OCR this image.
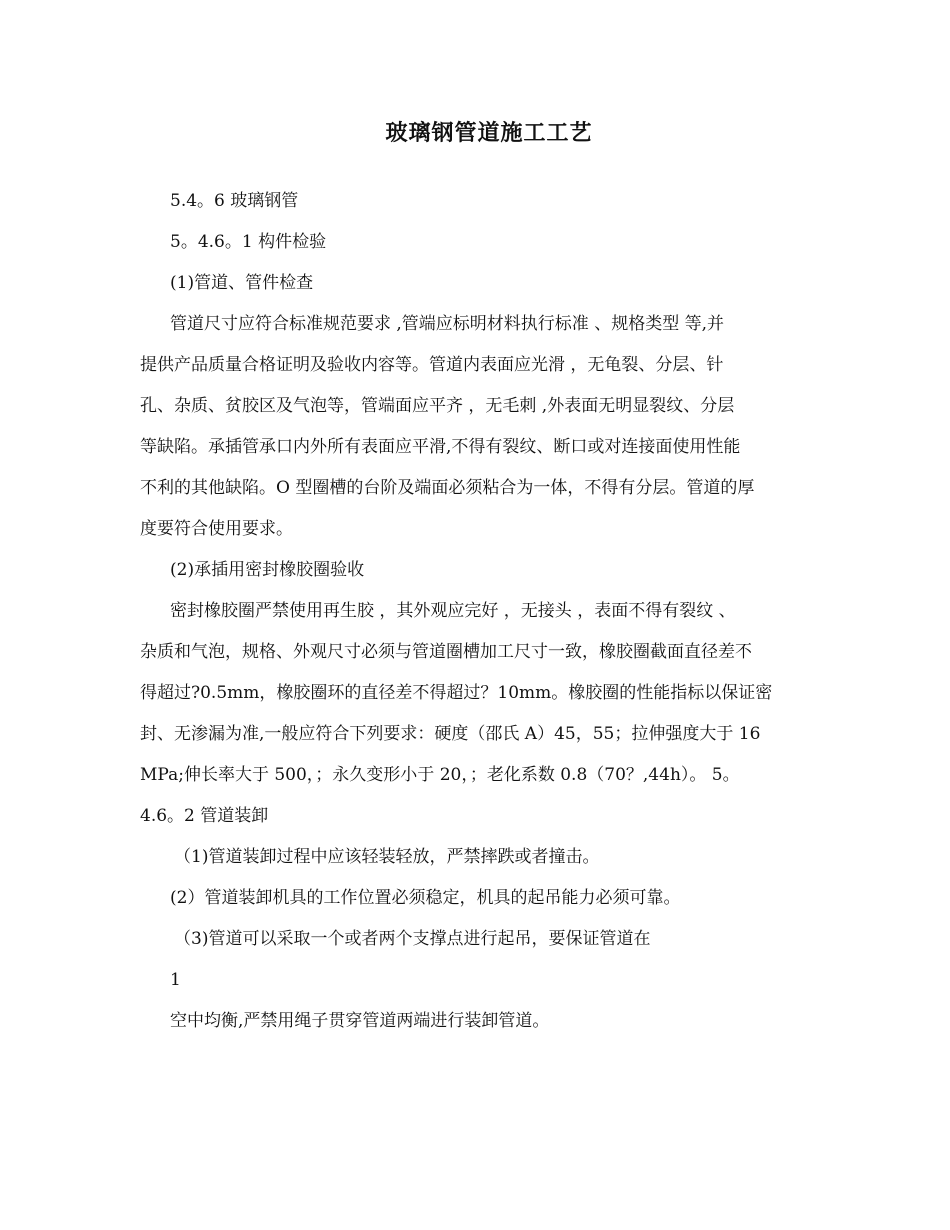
玻璃钢管道施工工艺
5.4。6 玻璃钢管
5。4.6。1 构件检验
(1)管道、管件检查
管道尺寸应符合标准规范要求 ,管端应标明材料执行标准 、规格类型 等,并
提供产品质量合格证明及验收内容等。管道内表面应光滑 ，无龟裂、分层、针
孔、杂质、贫胶区及气泡等，管端面应平齐 ，无毛刺 ,外表面无明显裂纹、分层
等缺陷。承插管承口内外所有表面应平滑,不得有裂纹、断口或对连接面使用性能
不利的其他缺陷。O 型圈槽的台阶及端面必须粘合为一体，不得有分层。管道的厚
度要符合使用要求。
(2)承插用密封橡胶圈验收
密封橡胶圈严禁使用再生胶 ，其外观应完好 ，无接头 ，表面不得有裂纹 、
杂质和气泡，规格、外观尺寸必须与管道圈槽加工尺寸一致，橡胶圈截面直径差不
得超过?0.5mm，橡胶圈环的直径差不得超过？10mm。橡胶圈的性能指标以保证密
封、无渗漏为准,一般应符合下列要求：硬度（邵氏 A）45，55；拉伸强度大于 16
MPa;伸长率大于 500，；永久变形小于 20，；老化系数 0.8（70？,44h）。 5。
4.6。2 管道装卸
（1)管道装卸过程中应该轻装轻放，严禁摔跌或者撞击。
(2）管道装卸机具的工作位置必须稳定，机具的起吊能力必须可靠。
（3)管道可以采取一个或者两个支撑点进行起吊，要保证管道在
1
空中均衡,严禁用绳子贯穿管道两端进行装卸管道。
